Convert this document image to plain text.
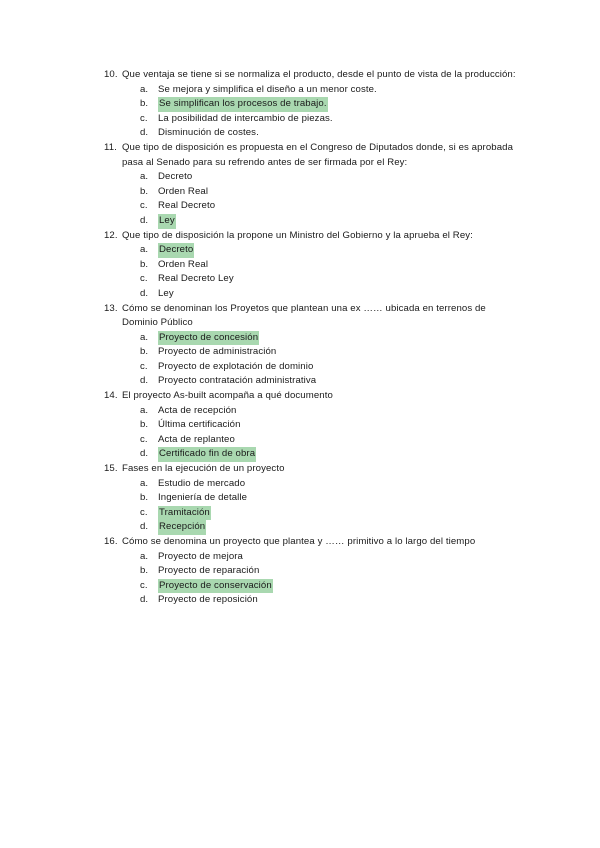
10. Que ventaja se tiene si se normaliza el producto, desde el punto de vista de la producción:
a.	Se mejora y simplifica el diseño a un menor coste.
b.	Se simplifican los procesos de trabajo.
c.	La posibilidad de intercambio de piezas.
d.	Disminución de costes.
11. Que tipo de disposición es propuesta en el Congreso de Diputados donde, si es aprobada pasa al Senado para su refrendo antes de ser firmada por el Rey:
a.	Decreto
b.	Orden Real
c.	Real Decreto
d.	Ley
12. Que tipo de disposición la propone un Ministro del Gobierno y la aprueba el Rey:
a.	Decreto
b.	Orden Real
c.	Real Decreto Ley
d.	Ley
13. Cómo se denominan los Proyetos que plantean una ex …… ubicada en terrenos de Dominio Público
a.	Proyecto de concesión
b.	Proyecto de administración
c.	Proyecto de explotación de dominio
d.	Proyecto contratación administrativa
14. El proyecto As-built acompaña a qué documento
a.	Acta de recepción
b.	Última certificación
c.	Acta de replanteo
d.	Certificado fin de obra
15. Fases en la ejecución de un proyecto
a.	Estudio de mercado
b.	Ingeniería de detalle
c.	Tramitación
d.	Recepción
16. Cómo se denomina un proyecto que plantea y …… primitivo a lo largo del tiempo
a.	Proyecto de mejora
b.	Proyecto de reparación
c.	Proyecto de conservación
d.	Proyecto de reposición
